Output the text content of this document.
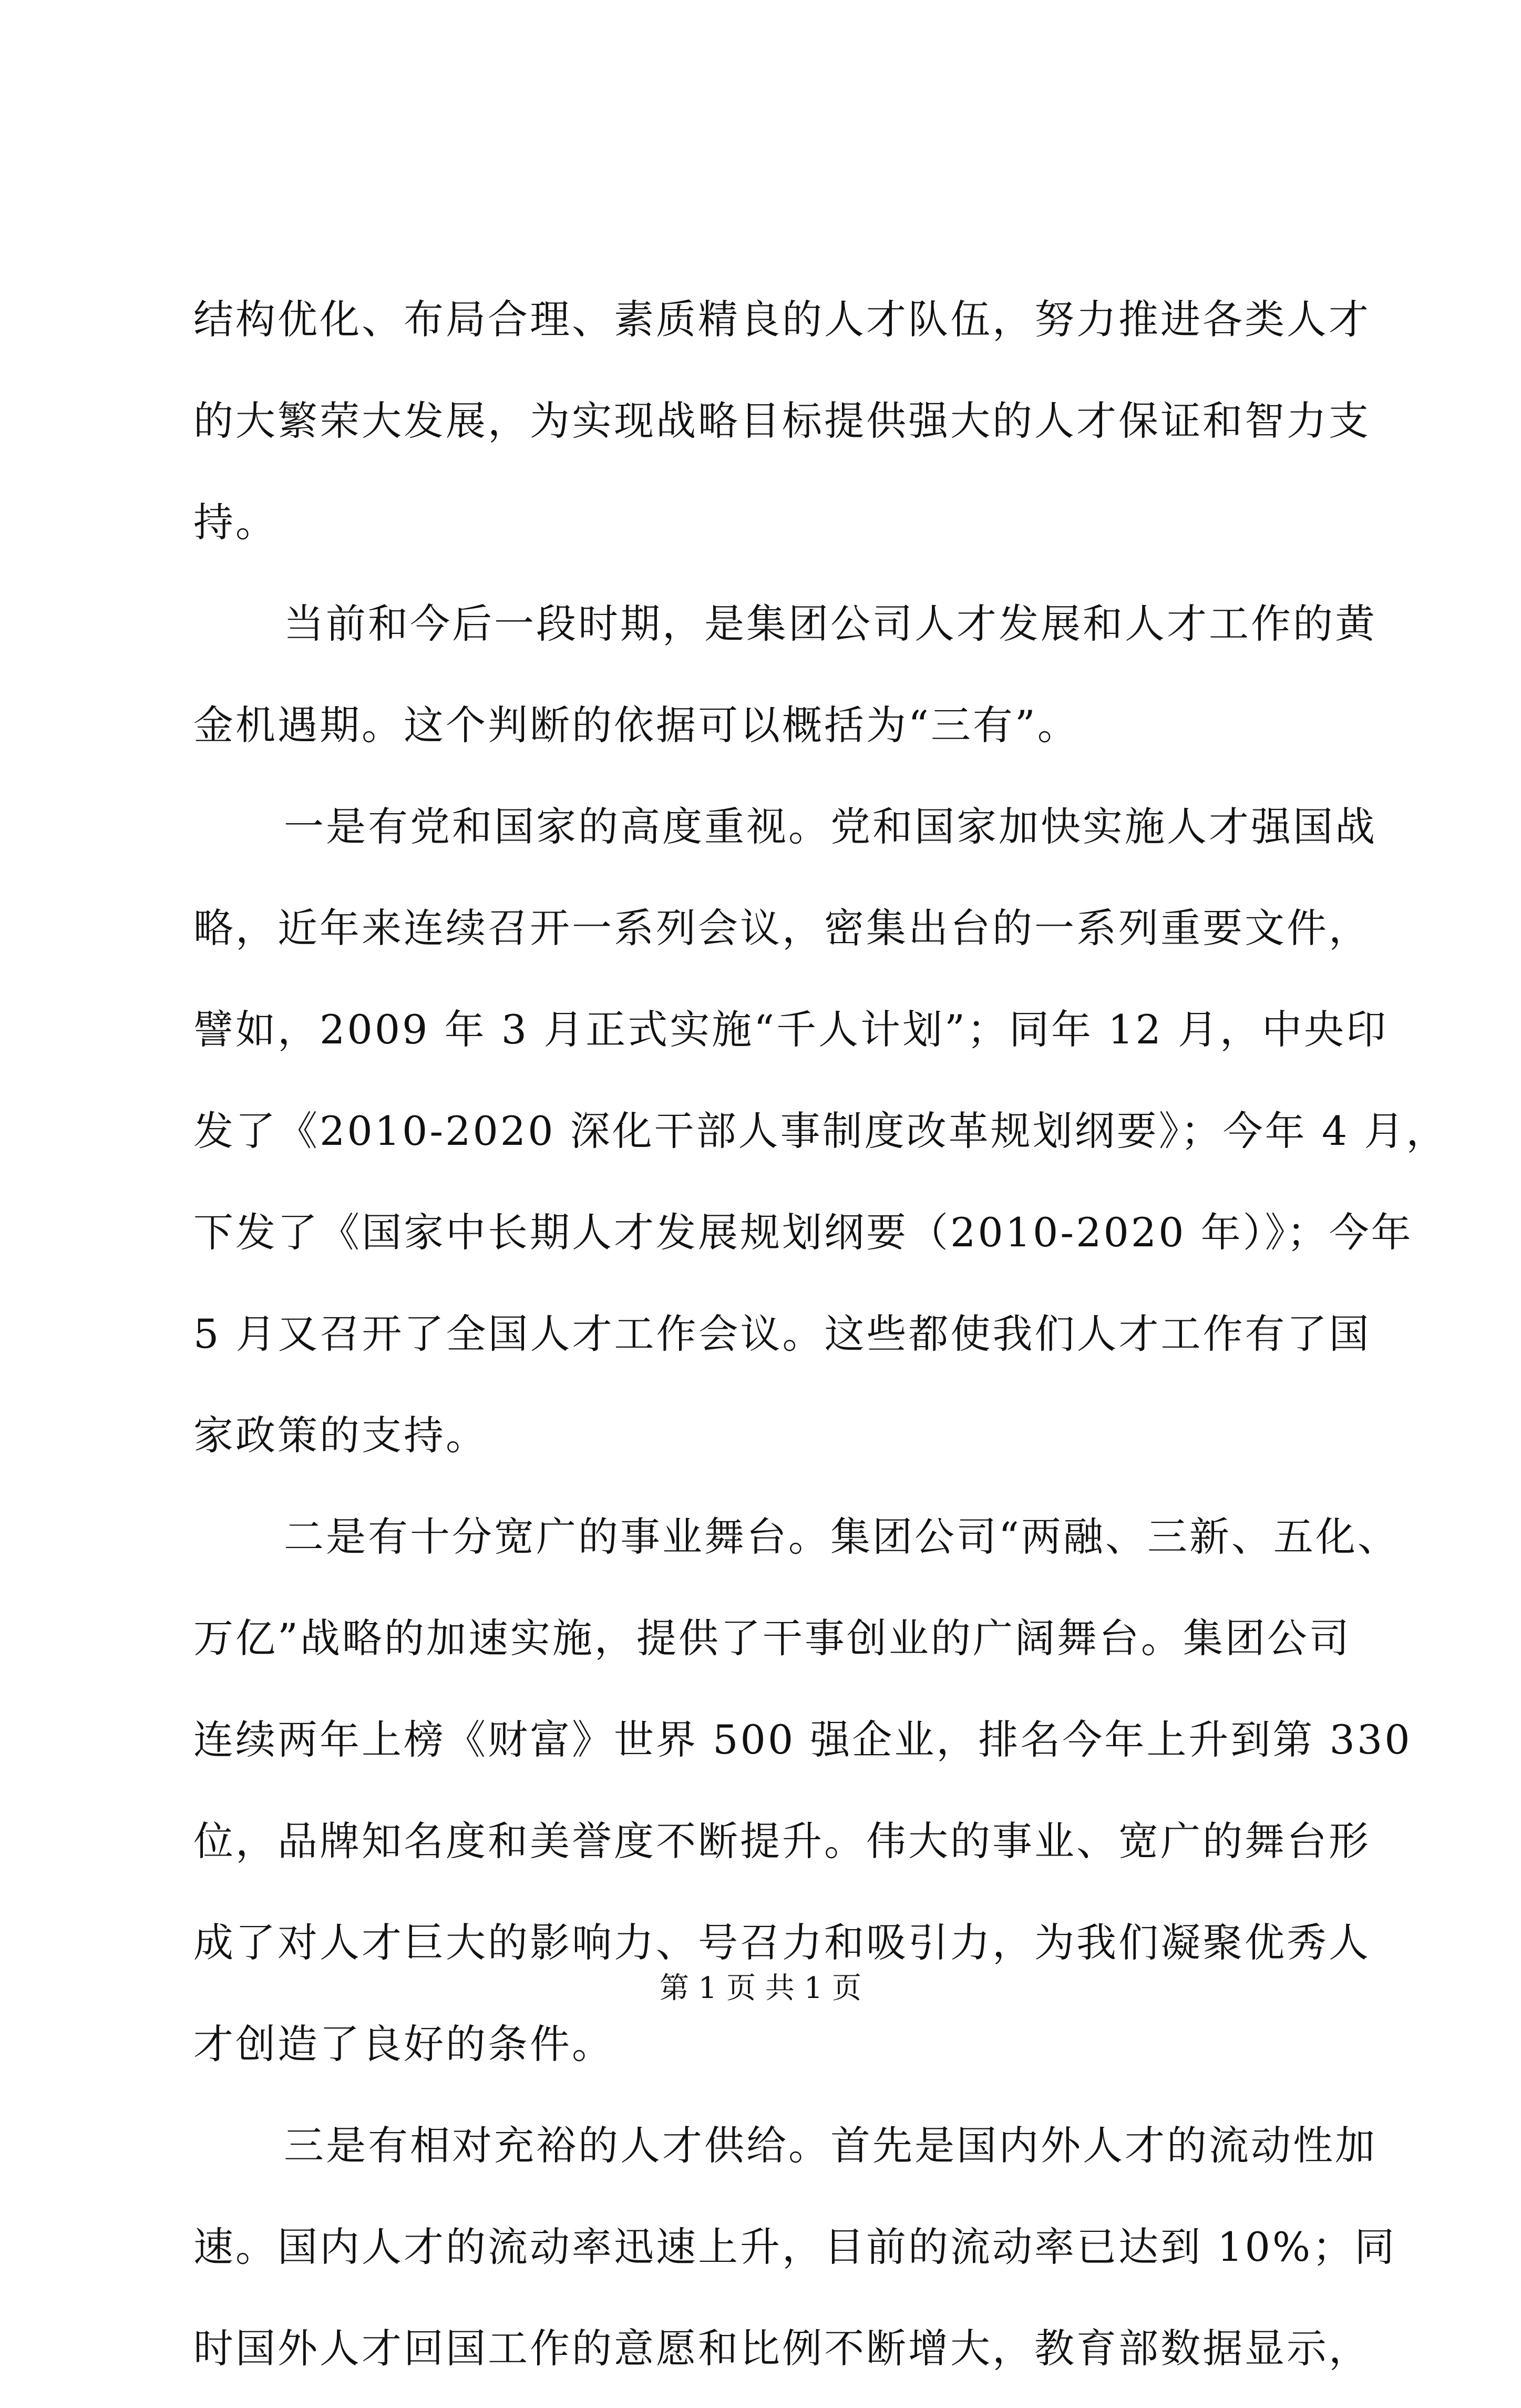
结构优化、布局合理、素质精良的人才队伍，努力推进各类人才
的大繁荣大发展，为实现战略目标提供强大的人才保证和智力支
持。
当前和今后一段时期，是集团公司人才发展和人才工作的黄
金机遇期。这个判断的依据可以概括为“三有”。
一是有党和国家的高度重视。党和国家加快实施人才强国战
略，近年来连续召开一系列会议，密集出台的一系列重要文件，
譬如，2009 年 3 月正式实施“千人计划”；同年 12 月，中央印
发了《2010-2020 深化干部人事制度改革规划纲要》；今年 4 月，
下发了《国家中长期人才发展规划纲要（2010-2020 年）》；今年
5 月又召开了全国人才工作会议。这些都使我们人才工作有了国
家政策的支持。
二是有十分宽广的事业舞台。集团公司“两融、三新、五化、
万亿”战略的加速实施，提供了干事创业的广阔舞台。集团公司
连续两年上榜《财富》世界 500 强企业，排名今年上升到第 330
位，品牌知名度和美誉度不断提升。伟大的事业、宽广的舞台形
成了对人才巨大的影响力、号召力和吸引力，为我们凝聚优秀人
才创造了良好的条件。
三是有相对充裕的人才供给。首先是国内外人才的流动性加
速。国内人才的流动率迅速上升，目前的流动率已达到 10%；同
时国外人才回国工作的意愿和比例不断增大，教育部数据显示，
第 1 页 共 1 页
